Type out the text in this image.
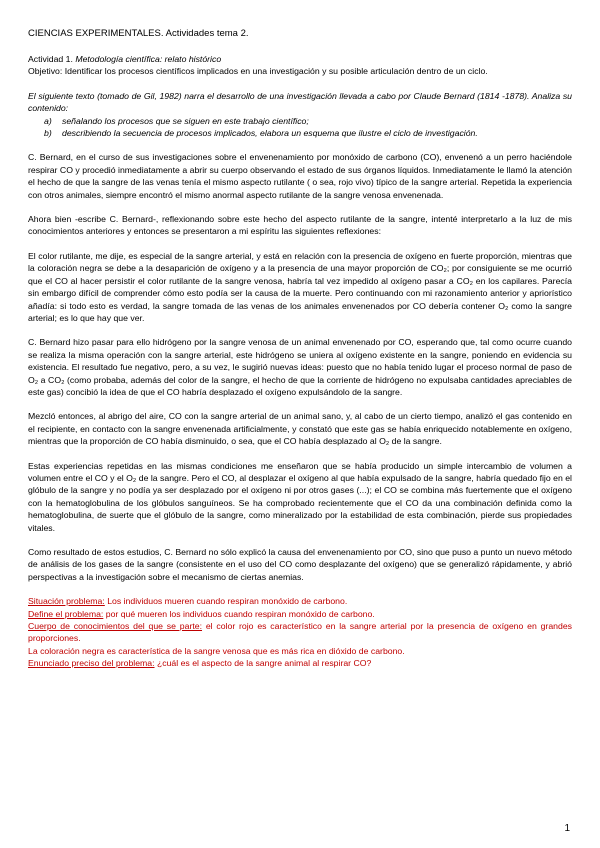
CIENCIAS EXPERIMENTALES. Actividades tema 2.

Actividad 1. Metodología científica: relato histórico

Objetivo: Identificar los procesos científicos implicados en una investigación y su posible articulación dentro de un ciclo.

El siguiente texto (tomado de Gil, 1982) narra el desarrollo de una investigación llevada a cabo por Claude Bernard (1814 -1878). Analiza su contenido:

a) señalando los procesos que se siguen en este trabajo científico;
b) describiendo la secuencia de procesos implicados, elabora un esquema que ilustre el ciclo de investigación.

C. Bernard, en el curso de sus investigaciones sobre el envenenamiento por monóxido de carbono (CO), envenenó a un perro haciéndole respirar CO y procedió inmediatamente a abrir su cuerpo observando el estado de sus órganos líquidos. Inmediatamente le llamó la atención el hecho de que la sangre de las venas tenía el mismo aspecto rutilante ( o sea, rojo vivo) típico de la sangre arterial. Repetida la experiencia con otros animales, siempre encontró el mismo anormal aspecto rutilante de la sangre venosa envenenada.

Ahora bien -escribe C. Bernard-, reflexionando sobre este hecho del aspecto rutilante de la sangre, intenté interpretarlo a la luz de mis conocimientos anteriores y entonces se presentaron a mi espíritu las siguientes reflexiones:

El color rutilante, me dije, es especial de la sangre arterial, y está en relación con la presencia de oxígeno en fuerte proporción, mientras que la coloración negra se debe a la desaparición de oxígeno y a la presencia de una mayor proporción de CO₂; por consiguiente se me ocurrió que el CO al hacer persistir el color rutilante de la sangre venosa, habría tal vez impedido al oxígeno pasar a CO₂ en los capilares. Parecía sin embargo difícil de comprender cómo esto podía ser la causa de la muerte. Pero continuando con mi razonamiento anterior y apriorístico añadía: si todo esto es verdad, la sangre tomada de las venas de los animales envenenados por CO debería contener O₂ como la sangre arterial; es lo que hay que ver.

C. Bernard hizo pasar para ello hidrógeno por la sangre venosa de un animal envenenado por CO, esperando que, tal como ocurre cuando se realiza la misma operación con la sangre arterial, este hidrógeno se uniera al oxígeno existente en la sangre, poniendo en evidencia su existencia. El resultado fue negativo, pero, a su vez, le sugirió nuevas ideas: puesto que no había tenido lugar el proceso normal de paso de O₂ a CO₂ (como probaba, además del color de la sangre, el hecho de que la corriente de hidrógeno no expulsaba cantidades apreciables de este gas) concibió la idea de que el CO habría desplazado el oxígeno expulsándolo de la sangre.

Mezcló entonces, al abrigo del aire, CO con la sangre arterial de un animal sano, y, al cabo de un cierto tiempo, analizó el gas contenido en el recipiente, en contacto con la sangre envenenada artificialmente, y constató que este gas se había enriquecido notablemente en oxígeno, mientras que la proporción de CO había disminuido, o sea, que el CO había desplazado al O₂ de la sangre.

Estas experiencias repetidas en las mismas condiciones me enseñaron que se había producido un simple intercambio de volumen a volumen entre el CO y el O₂ de la sangre. Pero el CO, al desplazar el oxígeno al que había expulsado de la sangre, habría quedado fijo en el glóbulo de la sangre y no podía ya ser desplazado por el oxígeno ni por otros gases (...); el CO se combina más fuertemente que el oxígeno con la hematoglobulina de los glóbulos sanguíneos. Se ha comprobado recientemente que el CO da una combinación definida como la hematoglobulina, de suerte que el glóbulo de la sangre, como mineralizado por la estabilidad de esta combinación, pierde sus propiedades vitales.

Como resultado de estos estudios, C. Bernard no sólo explicó la causa del envenenamiento por CO, sino que puso a punto un nuevo método de análisis de los gases de la sangre (consistente en el uso del CO como desplazante del oxígeno) que se generalizó rápidamente, y abrió perspectivas a la investigación sobre el mecanismo de ciertas anemias.

Situación problema: Los individuos mueren cuando respiran monóxido de carbono.

Define el problema: por qué mueren los individuos cuando respiran monóxido de carbono.

Cuerpo de conocimientos del que se parte: el color rojo es característico en la sangre arterial por la presencia de oxígeno en grandes proporciones.

La coloración negra es característica de la sangre venosa que es más rica en dióxido de carbono.

Enunciado preciso del problema: ¿cuál es el aspecto de la sangre animal al respirar CO?

1
